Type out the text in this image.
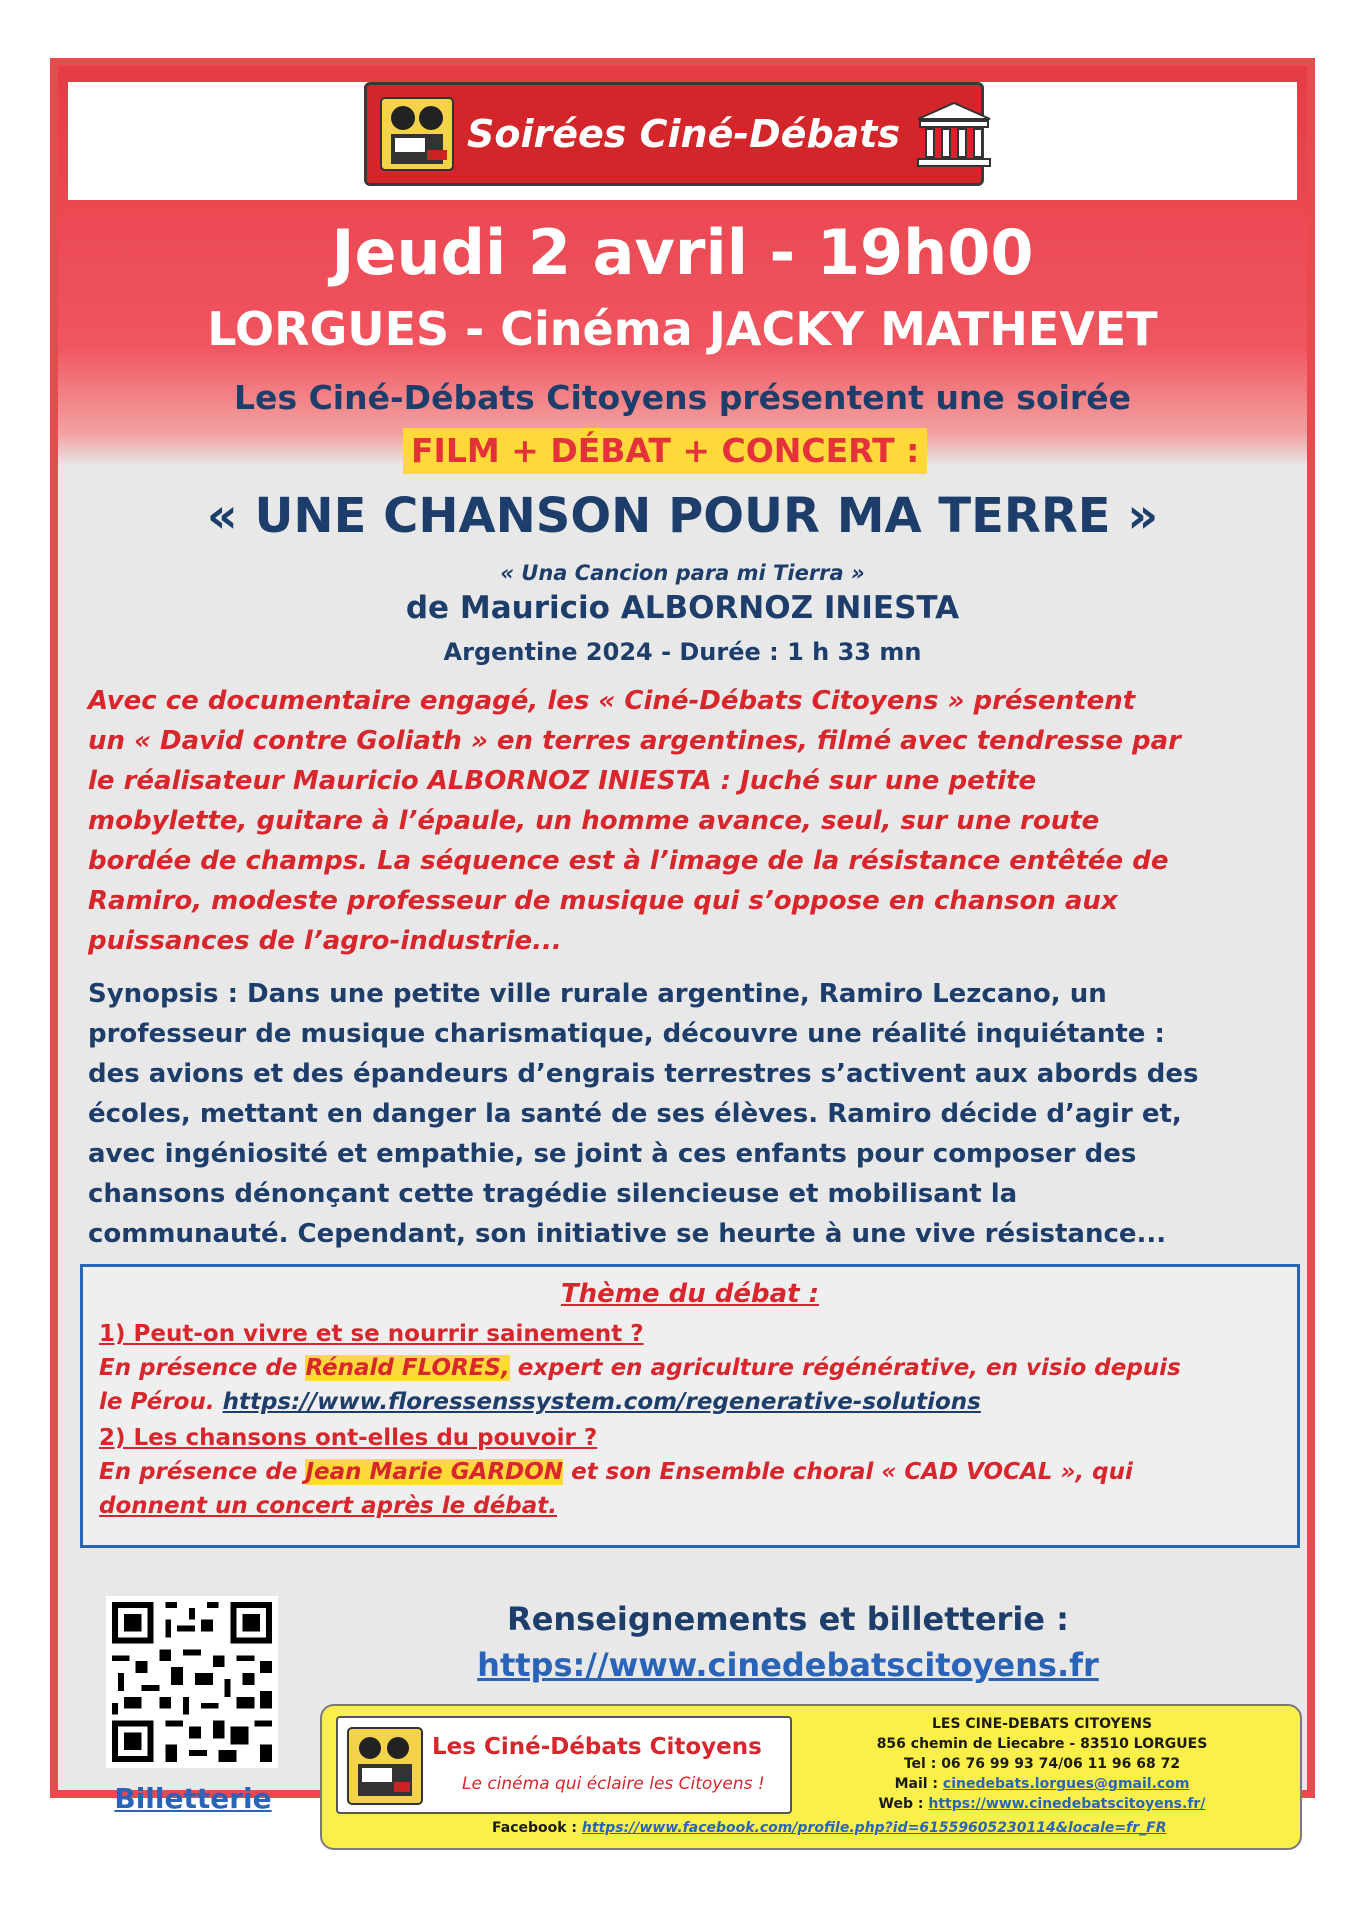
Soirées Ciné-Débats
Jeudi 2 avril - 19h00
LORGUES - Cinéma JACKY MATHEVET
Les Ciné-Débats Citoyens présentent une soirée
FILM + DÉBAT + CONCERT :
« UNE CHANSON POUR MA TERRE »
« Una Cancion para mi Tierra »
de Mauricio ALBORNOZ INIESTA
Argentine 2024 - Durée : 1 h 33 mn
Avec ce documentaire engagé, les « Ciné-Débats Citoyens » présentent
un « David contre Goliath » en terres argentines, filmé avec tendresse par
le réalisateur Mauricio ALBORNOZ INIESTA : Juché sur une petite
mobylette, guitare à l’épaule, un homme avance, seul, sur une route
bordée de champs. La séquence est à l’image de la résistance entêtée de
Ramiro, modeste professeur de musique qui s’oppose en chanson aux
puissances de l’agro-industrie...
Synopsis : Dans une petite ville rurale argentine, Ramiro Lezcano, un
professeur de musique charismatique, découvre une réalité inquiétante :
des avions et des épandeurs d’engrais terrestres s’activent aux abords des
écoles, mettant en danger la santé de ses élèves. Ramiro décide d’agir et,
avec ingéniosité et empathie, se joint à ces enfants pour composer des
chansons dénonçant cette tragédie silencieuse et mobilisant la
communauté. Cependant, son initiative se heurte à une vive résistance...
Thème du débat :
1) Peut-on vivre et se nourrir sainement ?
En présence de Rénald FLORES, expert en agriculture régénérative, en visio depuis
le Pérou. https://www.floressenssystem.com/regenerative-solutions
2) Les chansons ont-elles du pouvoir ?
En présence de Jean Marie GARDON et son Ensemble choral « CAD VOCAL », qui
donnent un concert après le débat.
Billetterie
Renseignements et billetterie :
https://www.cinedebatscitoyens.fr
Les Ciné-Débats Citoyens
Le cinéma qui éclaire les Citoyens !
LES CINE-DEBATS CITOYENS
856 chemin de Liecabre - 83510 LORGUES
Tel : 06 76 99 93 74/06 11 96 68 72
Mail : cinedebats.lorgues@gmail.com
Web : https://www.cinedebatscitoyens.fr/
Facebook : https://www.facebook.com/profile.php?id=61559605230114&locale=fr_FR
